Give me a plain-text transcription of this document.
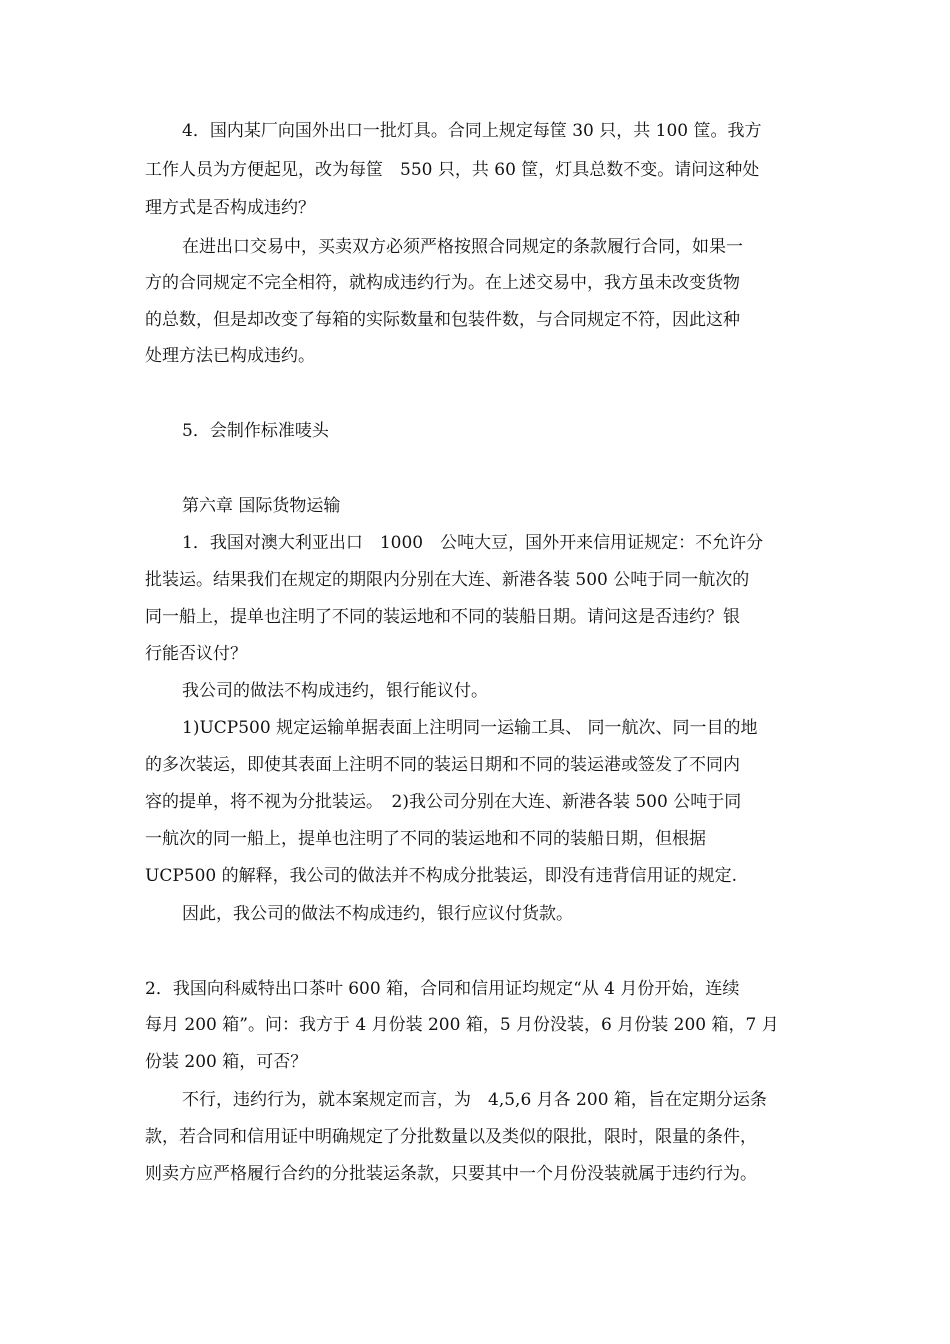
4．国内某厂向国外出口一批灯具。合同上规定每筐 30 只，共 100 筐。我方
工作人员为方便起见，改为每筐　550 只，共 60 筐，灯具总数不变。请问这种处
理方式是否构成违约？
在进出口交易中，买卖双方必须严格按照合同规定的条款履行合同，如果一
方的合同规定不完全相符，就构成违约行为。在上述交易中，我方虽未改变货物
的总数，但是却改变了每箱的实际数量和包装件数，与合同规定不符，因此这种
处理方法已构成违约。
5．会制作标准唛头
第六章 国际货物运输
1．我国对澳大利亚出口　1000　公吨大豆，国外开来信用证规定：不允许分
批装运。结果我们在规定的期限内分别在大连、新港各装 500 公吨于同一航次的
同一船上，提单也注明了不同的装运地和不同的装船日期。请问这是否违约？银
行能否议付？
我公司的做法不构成违约，银行能议付。
1)UCP500 规定运输单据表面上注明同一运输工具、 同一航次、同一目的地
的多次装运，即使其表面上注明不同的装运日期和不同的装运港或签发了不同内
容的提单，将不视为分批装运。　2)我公司分别在大连、新港各装 500 公吨于同
一航次的同一船上，提单也注明了不同的装运地和不同的装船日期，但根据
UCP500 的解释，我公司的做法并不构成分批装运，即没有违背信用证的规定.
因此，我公司的做法不构成违约，银行应议付货款。
2．我国向科威特出口茶叶 600 箱，合同和信用证均规定“从 4 月份开始，连续
每月 200 箱”。问：我方于 4 月份装 200 箱，5 月份没装，6 月份装 200 箱，7 月
份装 200 箱，可否？
不行，违约行为，就本案规定而言，为　4,5,6 月各 200 箱，旨在定期分运条
款，若合同和信用证中明确规定了分批数量以及类似的限批，限时，限量的条件，
则卖方应严格履行合约的分批装运条款，只要其中一个月份没装就属于违约行为。
